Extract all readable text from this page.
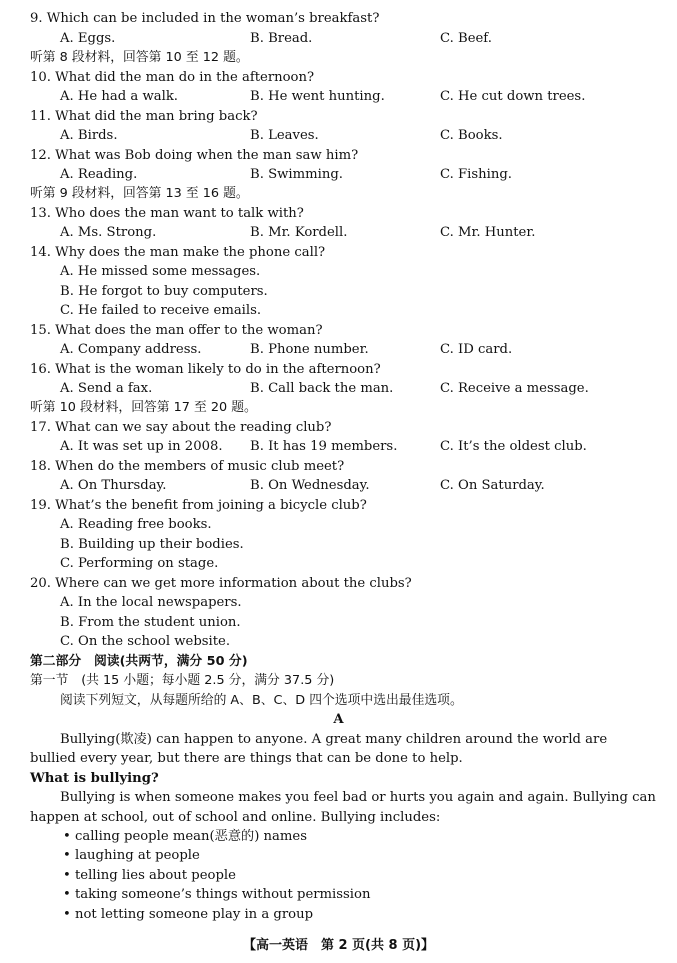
9. Which can be included in the woman’s breakfast?
A. Eggs.	B. Bread.	C. Beef.
听第 8 段材料，回答第 10 至 12 题。
10. What did the man do in the afternoon?
A. He had a walk.	B. He went hunting.	C. He cut down trees.
11. What did the man bring back?
A. Birds.	B. Leaves.	C. Books.
12. What was Bob doing when the man saw him?
A. Reading.	B. Swimming.	C. Fishing.
听第 9 段材料，回答第 13 至 16 题。
13. Who does the man want to talk with?
A. Ms. Strong.	B. Mr. Kordell.	C. Mr. Hunter.
14. Why does the man make the phone call?
A. He missed some messages.
B. He forgot to buy computers.
C. He failed to receive emails.
15. What does the man offer to the woman?
A. Company address.	B. Phone number.	C. ID card.
16. What is the woman likely to do in the afternoon?
A. Send a fax.	B. Call back the man.	C. Receive a message.
听第 10 段材料，回答第 17 至 20 题。
17. What can we say about the reading club?
A. It was set up in 2008. B. It has 19 members.	C. It’s the oldest club.
18. When do the members of music club meet?
A. On Thursday.	B. On Wednesday.	C. On Saturday.
19. What’s the benefit from joining a bicycle club?
A. Reading free books.
B. Building up their bodies.
C. Performing on stage.
20. Where can we get more information about the clubs?
A. In the local newspapers.
B. From the student union.
C. On the school website.
第二部分　阅读(共两节，满分 50 分)
第一节　(共 15 小题；每小题 2.5 分，满分 37.5 分)
阅读下列短文，从每题所给的 A、B、C、D 四个选项中选出最佳选项。
A
Bullying(欺凌) can happen to anyone. A great many children around the world are
bullied every year, but there are things that can be done to help.
What is bullying?
Bullying is when someone makes you feel bad or hurts you again and again. Bullying can
happen at school, out of school and online. Bullying includes:
• calling people mean(恶意的) names
• laughing at people
• telling lies about people
• taking someone’s things without permission
• not letting someone play in a group
【高一英语　第 2 页(共 8 页)】
